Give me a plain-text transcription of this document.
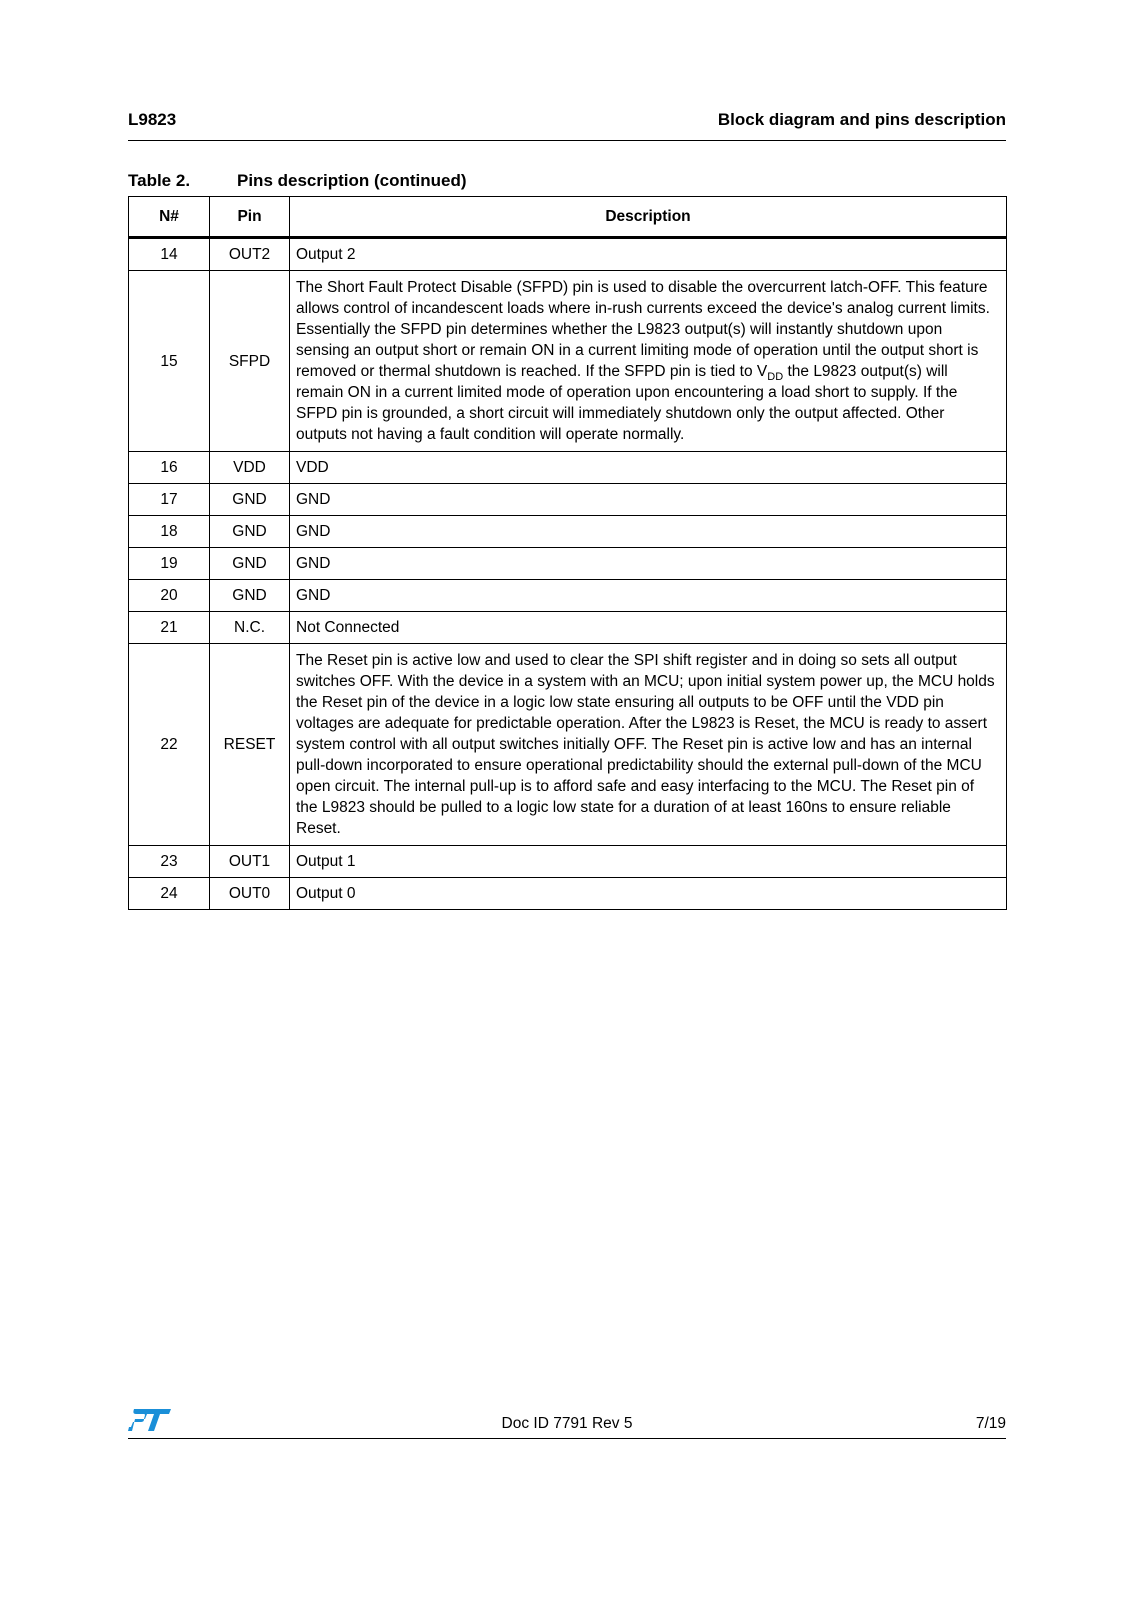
L9823	Block diagram and pins description
Table 2.	Pins description (continued)
N#	Pin	Description
14	OUT2	Output 2
15	SFPD	The Short Fault Protect Disable (SFPD) pin is used to disable the overcurrent latch-OFF. This feature allows control of incandescent loads where in-rush currents exceed the device's analog current limits. Essentially the SFPD pin determines whether the L9823 output(s) will instantly shutdown upon sensing an output short or remain ON in a current limiting mode of operation until the output short is removed or thermal shutdown is reached. If the SFPD pin is tied to $V_{DD}$ the L9823 output(s) will remain ON in a current limited mode of operation upon encountering a load short to supply. If the SFPD pin is grounded, a short circuit will immediately shutdown only the output affected. Other outputs not having a fault condition will operate normally.
16	VDD	VDD
17	GND	GND
18	GND	GND
19	GND	GND
20	GND	GND
21	N.C.	Not Connected
22	RESET	The Reset pin is active low and used to clear the SPI shift register and in doing so sets all output switches OFF. With the device in a system with an MCU; upon initial system power up, the MCU holds the Reset pin of the device in a logic low state ensuring all outputs to be OFF until the VDD pin voltages are adequate for predictable operation. After the L9823 is Reset, the MCU is ready to assert system control with all output switches initially OFF. The Reset pin is active low and has an internal pull-down incorporated to ensure operational predictability should the external pull-down of the MCU open circuit. The internal pull-up is to afford safe and easy interfacing to the MCU. The Reset pin of the L9823 should be pulled to a logic low state for a duration of at least 160ns to ensure reliable Reset.
23	OUT1	Output 1
24	OUT0	Output 0
Doc ID 7791 Rev 5	7/19
